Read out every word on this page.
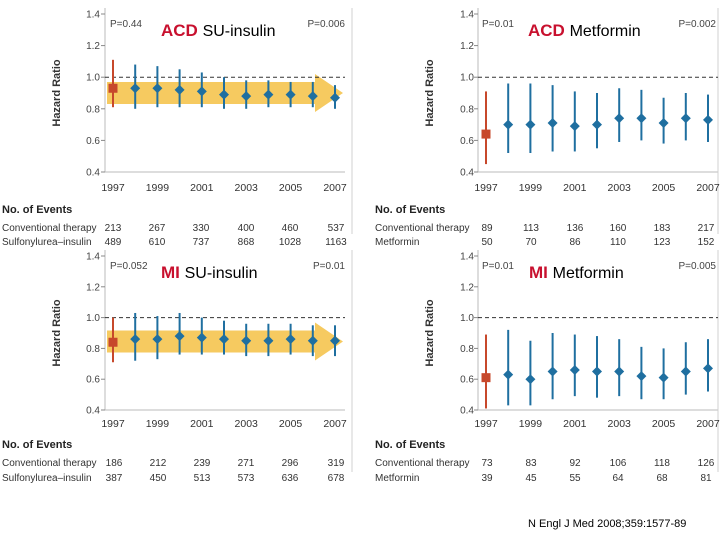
0.4
0.6
0.8
1.0
1.2
1.4
Hazard Ratio
1997 1999 2001 2003 2005 2007
P=0.44	P=0.006
No. of Events
Conventional therapy 213	267	330	400	460	537
Sulfonylurea–insulin 489	610	737	868 1028 1163
0.4
0.6
0.8
1.0
1.2
1.4
Hazard Ratio
1997 1999 2001 2003 2005 2007
P=0.01	P=0.002
No. of Events
Conventional therapy 89	113	136	160	183	217
Metformin	50	70	86	110	123	152
0.4
0.6
0.8
1.0
1.2
1.4
Hazard Ratio
1997 1999 2001 2003 2005 2007
P=0.052	P=0.01
No. of Events
Conventional therapy 186	212	239	271	296	319
Sulfonylurea–insulin 387	450	513	573	636	678
0.4
0.6
0.8
1.0
1.2
1.4
Hazard Ratio
1997 1999 2001 2003 2005 2007
P=0.01	P=0.005
No. of Events
Conventional therapy 73	83	92	106	118	126
Metformin	39	45	55	64	68	81
N Engl J Med 2008;359:1577-89
ACD SU-insulin	ACD Metformin
MI SU-insulin	MI Metformin
